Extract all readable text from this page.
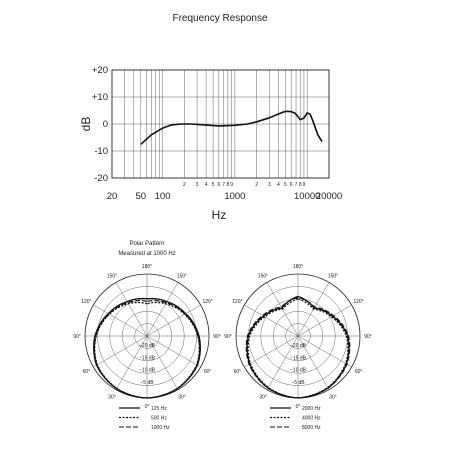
Frequency Response
dB
Hz
Polar Pattern
Measured at 1000 Hz
+20
+10
0
-10
-20
20 50 100	1000	10000
20000
2 3 4 5 6 7 8 9	2 3 4 5 6 7 8 9
180°
150°
120°
90°
60°
30°
0°
30°
60°
90°
120°
150°
−20 dB
−15 dB
−10 dB
−5 dB
125 Hz
500 Hz
1000 Hz
180°
150°
120°
90°
60°
30°
0°
30°
60°
90°
120°
150°
−20 dB
−15 dB
−10 dB
−5 dB
2000 Hz
4000 Hz
8000 Hz
